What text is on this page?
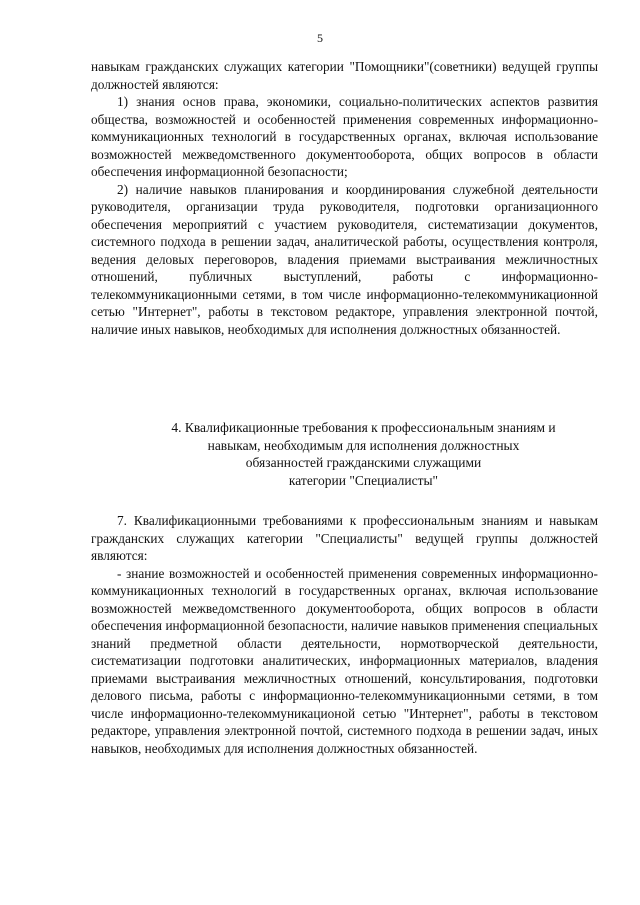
5

навыкам гражданских служащих категории "Помощники"(советники) ведущей группы должностей являются:

1) знания основ права, экономики, социально-политических аспектов развития общества, возможностей и особенностей применения современных информационно-коммуникационных технологий в государственных органах, включая использование возможностей межведомственного документооборота, общих вопросов в области обеспечения информационной безопасности;

2) наличие навыков планирования и координирования служебной деятельности руководителя, организации труда руководителя, подготовки организационного обеспечения мероприятий с участием руководителя, систематизации документов, системного подхода в решении задач, аналитической работы, осуществления контроля, ведения деловых переговоров, владения приемами выстраивания межличностных отношений, публичных выступлений, работы с информационно-телекоммуникационными сетями, в том числе информационно-телекоммуникационной сетью "Интернет", работы в текстовом редакторе, управления электронной почтой, наличие иных навыков, необходимых для исполнения должностных обязанностей.

4. Квалификационные требования к профессиональным знаниям и
навыкам, необходимым для исполнения должностных
обязанностей гражданскими служащими
категории "Специалисты"

7. Квалификационными требованиями к профессиональным знаниям и навыкам гражданских служащих категории "Специалисты" ведущей группы должностей являются:

- знание возможностей и особенностей применения современных информационно-коммуникационных технологий в государственных органах, включая использование возможностей межведомственного документооборота, общих вопросов в области обеспечения информационной безопасности, наличие навыков применения специальных знаний предметной области деятельности, нормотворческой деятельности, систематизации подготовки аналитических, информационных материалов, владения приемами выстраивания межличностных отношений, консультирования, подготовки делового письма, работы с информационно-телекоммуникационными сетями, в том числе информационно-телекоммуникационой сетью "Интернет", работы в текстовом редакторе, управления электронной почтой, системного подхода в решении задач, иных навыков, необходимых для исполнения должностных обязанностей.
